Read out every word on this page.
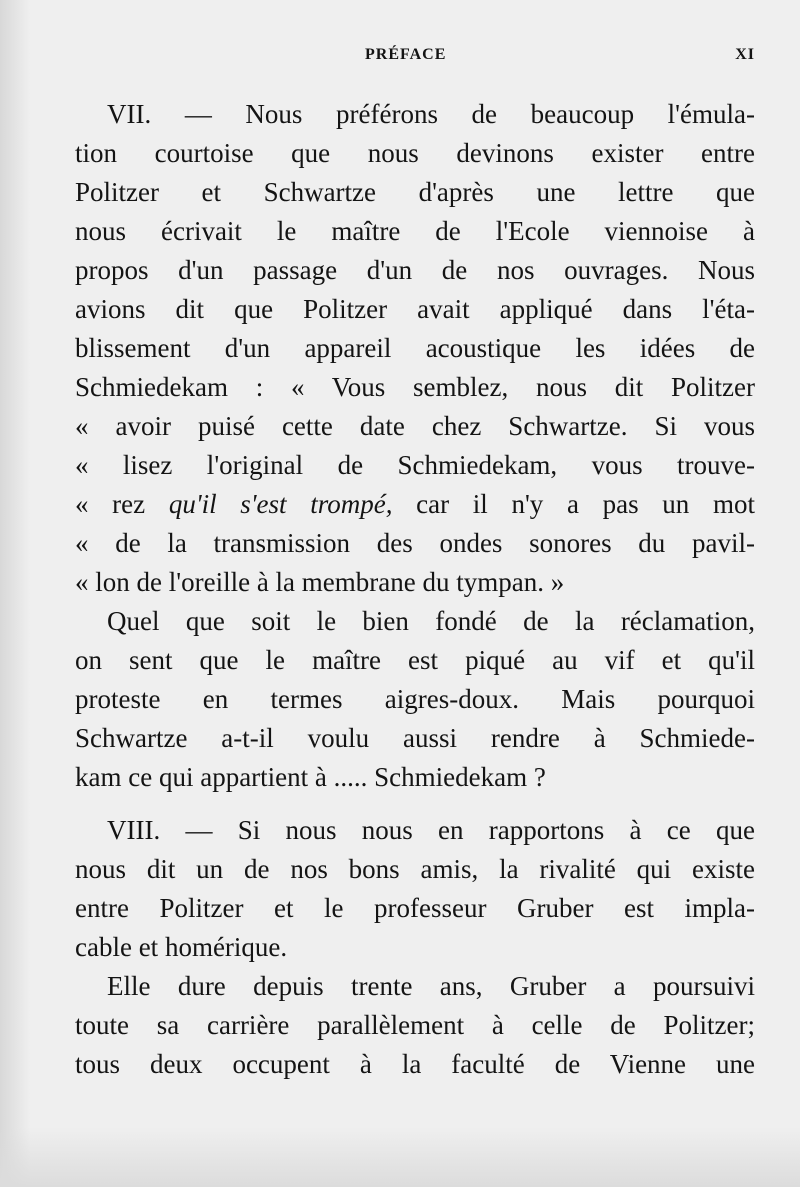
PRÉFACE	XI
VII. — Nous préférons de beaucoup l'émula-
tion courtoise que nous devinons exister entre
Politzer et Schwartze d'après une lettre que
nous écrivait le maître de l'Ecole viennoise à
propos d'un passage d'un de nos ouvrages. Nous
avions dit que Politzer avait appliqué dans l'éta-
blissement d'un appareil acoustique les idées de
Schmiedekam : « Vous semblez, nous dit Politzer
« avoir puisé cette date chez Schwartze. Si vous
« lisez l'original de Schmiedekam, vous trouve-
« rez qu'il s'est trompé, car il n'y a pas un mot
« de la transmission des ondes sonores du pavil-
« lon de l'oreille à la membrane du tympan. »
Quel que soit le bien fondé de la réclamation,
on sent que le maître est piqué au vif et qu'il
proteste en termes aigres-doux. Mais pourquoi
Schwartze a-t-il voulu aussi rendre à Schmiede-
kam ce qui appartient à ..... Schmiedekam ?
VIII. — Si nous nous en rapportons à ce que
nous dit un de nos bons amis, la rivalité qui existe
entre Politzer et le professeur Gruber est impla-
cable et homérique.
Elle dure depuis trente ans, Gruber a poursuivi
toute sa carrière parallèlement à celle de Politzer;
tous deux occupent à la faculté de Vienne une
